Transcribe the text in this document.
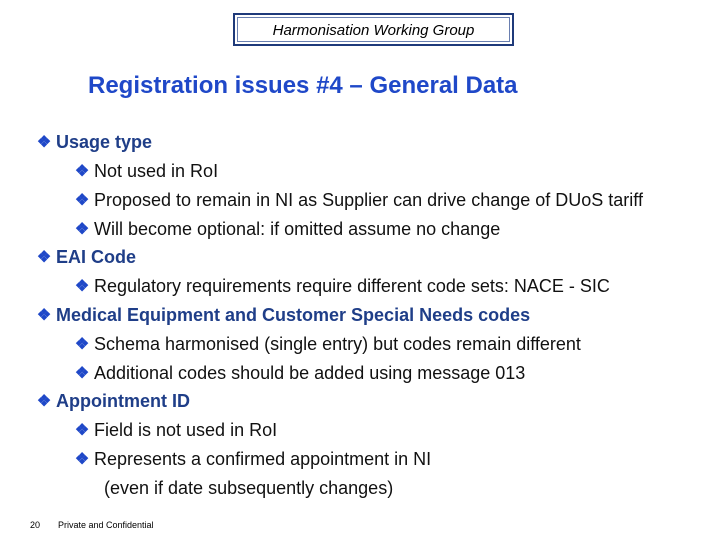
Harmonisation Working Group
Registration issues #4 – General Data
❖ Usage type
❖ Not used in RoI
❖ Proposed to remain in NI as Supplier can drive change of DUoS tariff
❖ Will become optional: if omitted assume no change
❖ EAI Code
❖ Regulatory requirements require different code sets: NACE - SIC
❖ Medical Equipment and Customer Special Needs codes
❖ Schema harmonised (single entry) but codes remain different
❖ Additional codes should be added using message 013
❖ Appointment ID
❖ Field is not used in RoI
❖ Represents a confirmed appointment in NI
(even if date subsequently changes)
20 Private and Confidential
